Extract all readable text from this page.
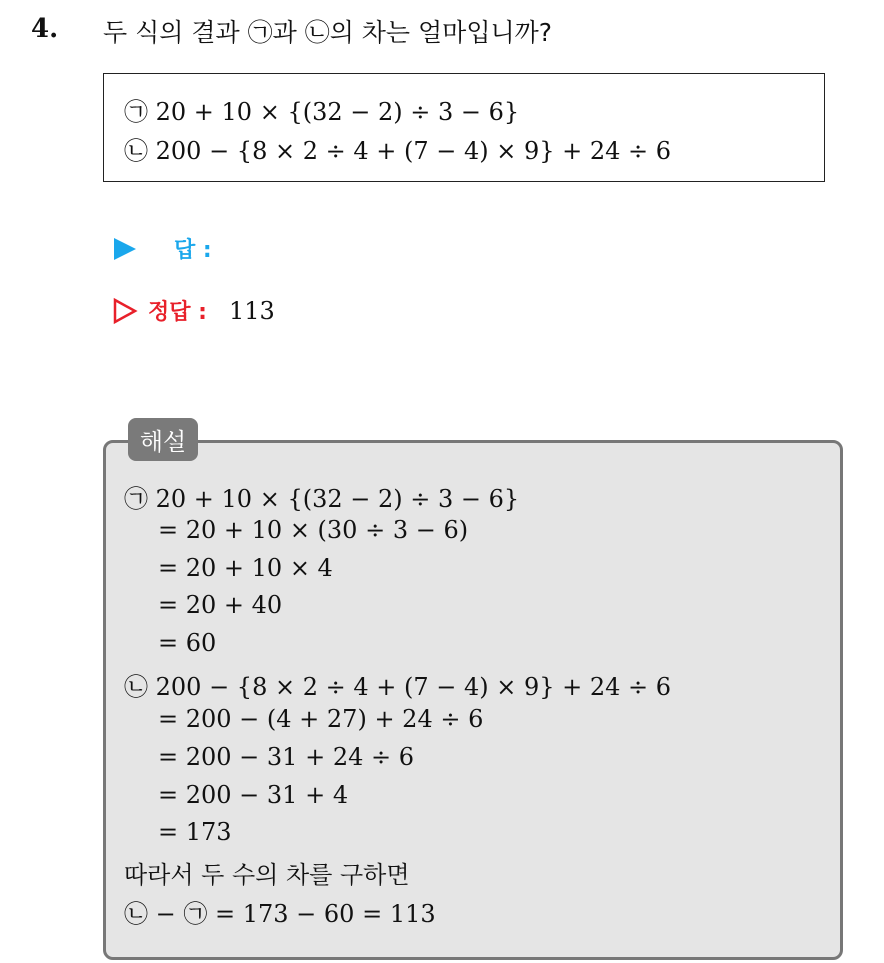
4. 두 식의 결과 ㉠과 ㉡의 차는 얼마입니까?
㉠ 20 + 10 × {(32 − 2) ÷ 3 − 6}
㉡ 200 − {8 × 2 ÷ 4 + (7 − 4) × 9} + 24 ÷ 6
답 :
정답 : 113
해설
㉠ 20 + 10 × {(32 − 2) ÷ 3 − 6}
= 20 + 10 × (30 ÷ 3 − 6)
= 20 + 10 × 4
= 20 + 40
= 60
㉡ 200 − {8 × 2 ÷ 4 + (7 − 4) × 9} + 24 ÷ 6
= 200 − (4 + 27) + 24 ÷ 6
= 200 − 31 + 24 ÷ 6
= 200 − 31 + 4
= 173
따라서 두 수의 차를 구하면
㉡ − ㉠ = 173 − 60 = 113
